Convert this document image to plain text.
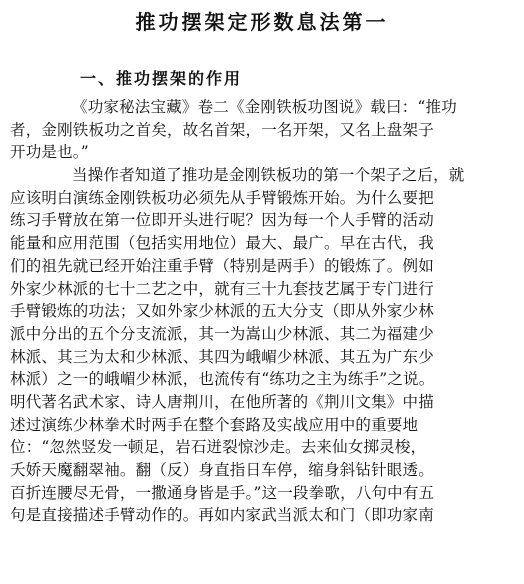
推功摆架定形数息法第一
一、推功摆架的作用
《功家秘法宝藏》卷二《金刚铁板功图说》载曰：“推功
者，金刚铁板功之首矣，故名首架，一名开架，又名上盘架子
开功是也。”
当操作者知道了推功是金刚铁板功的第一个架子之后，就
应该明白演练金刚铁板功必须先从手臂锻炼开始。为什么要把
练习手臂放在第一位即开头进行呢？因为每一个人手臂的活动
能量和应用范围（包括实用地位）最大、最广。早在古代，我
们的祖先就已经开始注重手臂（特别是两手）的锻炼了。例如
外家少林派的七十二艺之中，就有三十九套技艺属于专门进行
手臂锻炼的功法；又如外家少林派的五大分支（即从外家少林
派中分出的五个分支流派，其一为嵩山少林派、其二为福建少
林派、其三为太和少林派、其四为峨嵋少林派、其五为广东少
林派）之一的峨嵋少林派，也流传有“练功之主为练手”之说。
明代著名武术家、诗人唐荆川，在他所著的《荆川文集》中描
述过演练少林拳术时两手在整个套路及实战应用中的重要地
位：“忽然竖发一顿足，岩石迸裂惊沙走。去来仙女掷灵梭，
夭娇天魔翻翠袖。翻（反）身直指日车停，缩身斜钻针眼透。
百折连腰尽无骨，一撒通身皆是手。”这一段拳歌，八句中有五
句是直接描述手臂动作的。再如内家武当派太和门（即功家南
